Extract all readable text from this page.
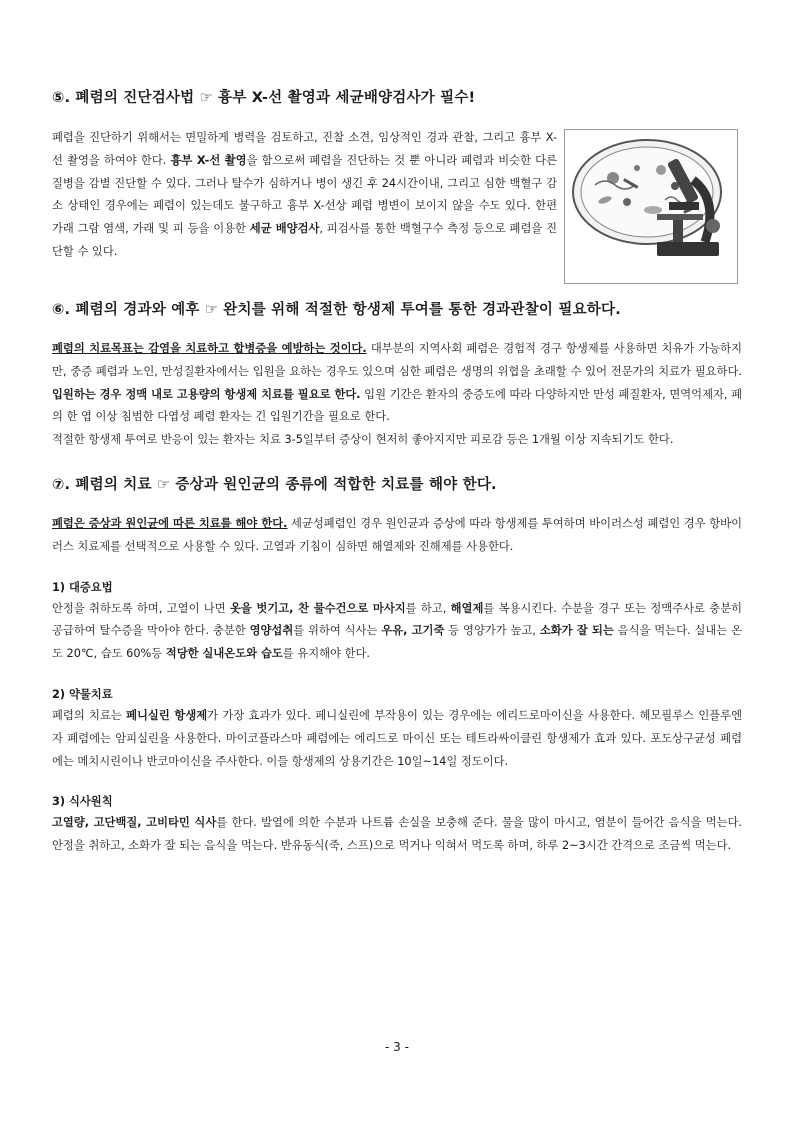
⑤. 폐렴의 진단검사법 ☞ 흉부 X-선 촬영과 세균배양검사가 필수!

폐렴을 진단하기 위해서는 면밀하게 병력을 검토하고, 진찰 소견, 임상적인 경과 관찰, 그리고 흉부 X-선 촬영을 하여야 한다. 흉부 X-선 촬영을 함으로써 폐렴을 진단하는 것 뿐 아니라 폐렴과 비슷한 다른 질병을 감별 진단할 수 있다. 그러나 탈수가 심하거나 병이 생긴 후 24시간이내, 그리고 심한 백혈구 감소 상태인 경우에는 폐렴이 있는데도 불구하고 흉부 X-선상 폐렴 병변이 보이지 않을 수도 있다. 한편 가래 그람 염색, 가래 및 피 등을 이용한 세균 배양검사, 피검사를 통한 백혈구수 측정 등으로 폐렴을 진단할 수 있다.

⑥. 폐렴의 경과와 예후 ☞ 완치를 위해 적절한 항생제 투여를 통한 경과관찰이 필요하다.

폐렴의 치료목표는 감염을 치료하고 합병증을 예방하는 것이다. 대부분의 지역사회 폐렴은 경험적 경구 항생제를 사용하면 치유가 가능하지만, 중증 폐렴과 노인, 만성질환자에서는 입원을 요하는 경우도 있으며 심한 폐렴은 생명의 위협을 초래할 수 있어 전문가의 치료가 필요하다. 입원하는 경우 정맥 내로 고용량의 항생제 치료를 필요로 한다. 입원 기간은 환자의 중증도에 따라 다양하지만 만성 폐질환자, 면역억제자, 폐의 한 엽 이상 침범한 다엽성 폐렴 환자는 긴 입원기간을 필요로 한다.

적절한 항생제 투여로 반응이 있는 환자는 치료 3-5일부터 증상이 현저히 좋아지지만 피로감 등은 1개월 이상 지속되기도 한다.

⑦. 폐렴의 치료 ☞ 증상과 원인균의 종류에 적합한 치료를 해야 한다.

폐렴은 증상과 원인균에 따른 치료를 해야 한다. 세균성폐렴인 경우 원인균과 증상에 따라 항생제를 투여하며 바이러스성 폐렴인 경우 항바이러스 치료제를 선택적으로 사용할 수 있다. 고열과 기침이 심하면 해열제와 진해제를 사용한다.

1) 대증요법

안정을 취하도록 하며, 고열이 나면 옷을 벗기고, 찬 물수건으로 마사지를 하고, 해열제를 복용시킨다. 수분을 경구 또는 정맥주사로 충분히 공급하여 탈수증을 막아야 한다. 충분한 영양섭취를 위하여 식사는 우유, 고기죽 등 영양가가 높고, 소화가 잘 되는 음식을 먹는다. 실내는 온도 20℃, 습도 60%등 적당한 실내온도와 습도를 유지해야 한다.

2) 약물치료

폐렴의 치료는 페니실린 항생제가 가장 효과가 있다. 페니실린에 부작용이 있는 경우에는 에리드로마이신을 사용한다. 헤모필루스 인플루엔자 폐렴에는 암피실린을 사용한다. 마이코플라스마 폐렴에는 에리드로 마이신 또는 테트라싸이클린 항생제가 효과 있다. 포도상구균성 폐렴에는 메치시린이나 반코마이신을 주사한다. 이들 항생제의 상용기간은 10일~14일 정도이다.

3) 식사원칙

고열량, 고단백질, 고비타민 식사를 한다. 발열에 의한 수분과 나트륨 손실을 보충해 준다. 물을 많이 마시고, 염분이 들어간 음식을 먹는다. 안정을 취하고, 소화가 잘 되는 음식을 먹는다. 반유동식(죽, 스프)으로 먹거나 익혀서 먹도록 하며, 하루 2~3시간 간격으로 조금씩 먹는다.

- 3 -
